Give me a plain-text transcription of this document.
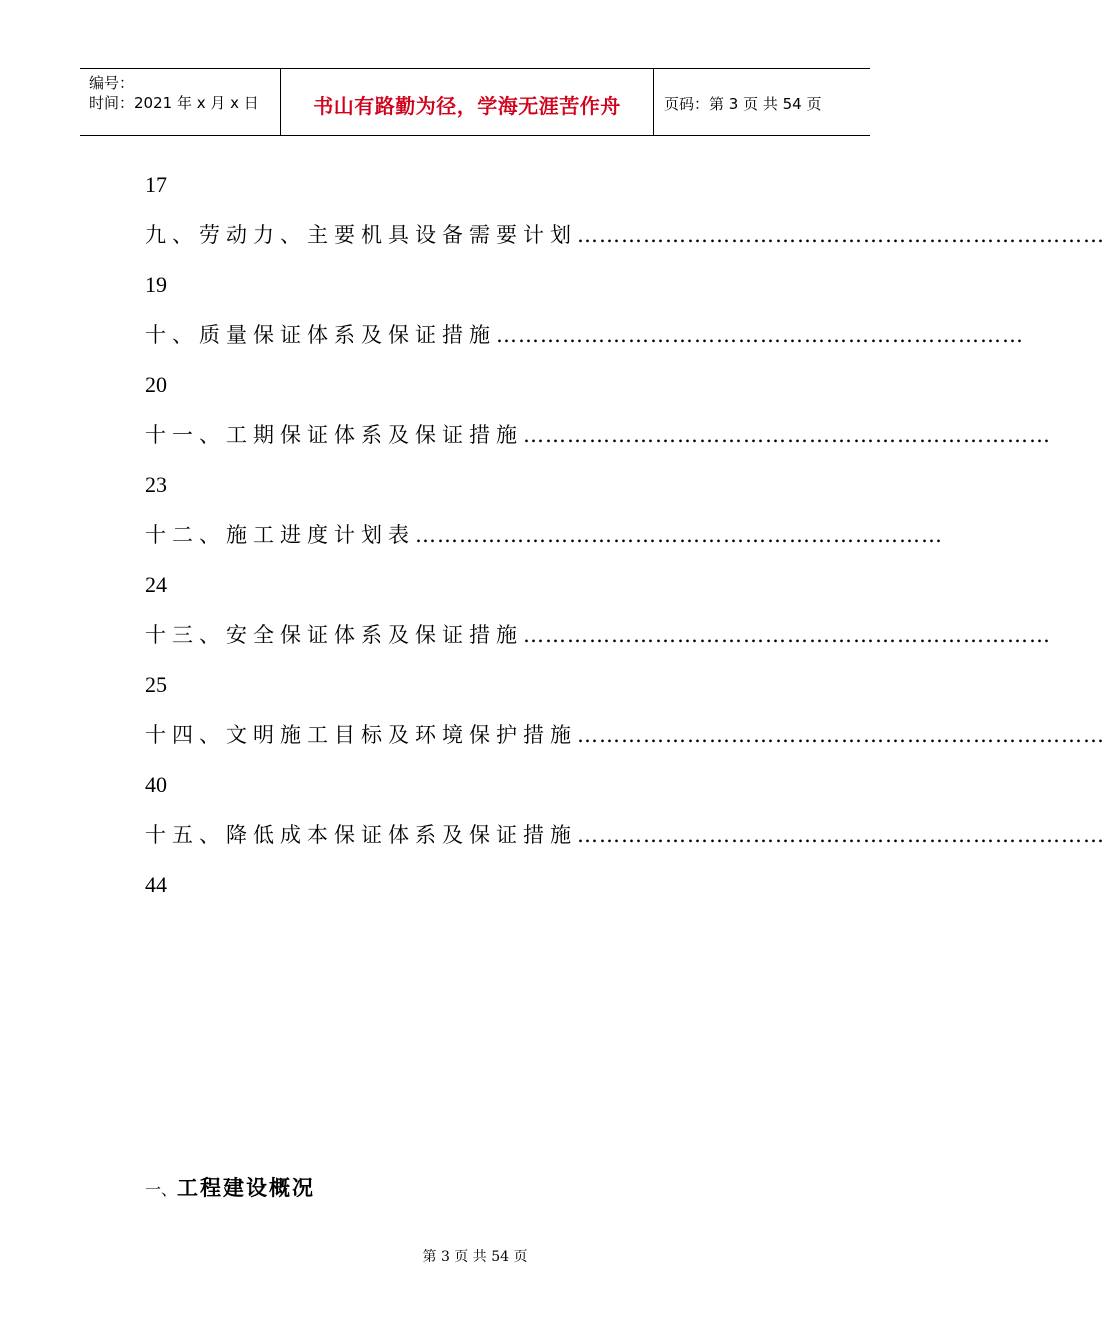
编号：
时间：2021 年 x 月 x 日	书山有路勤为径，学海无涯苦作舟	页码：第 3 页 共 54 页
17
九、劳动力、主要机具设备需要计划………………………………………………………………
19
十、质量保证体系及保证措施………………………………………………………………
20
十一、工期保证体系及保证措施………………………………………………………………
23
十二、施工进度计划表………………………………………………………………
24
十三、安全保证体系及保证措施………………………………………………………………
25
十四、文明施工目标及环境保护措施………………………………………………………………
40
十五、降低成本保证体系及保证措施………………………………………………………………
44
一、工程建设概况
第 3 页 共 54 页
